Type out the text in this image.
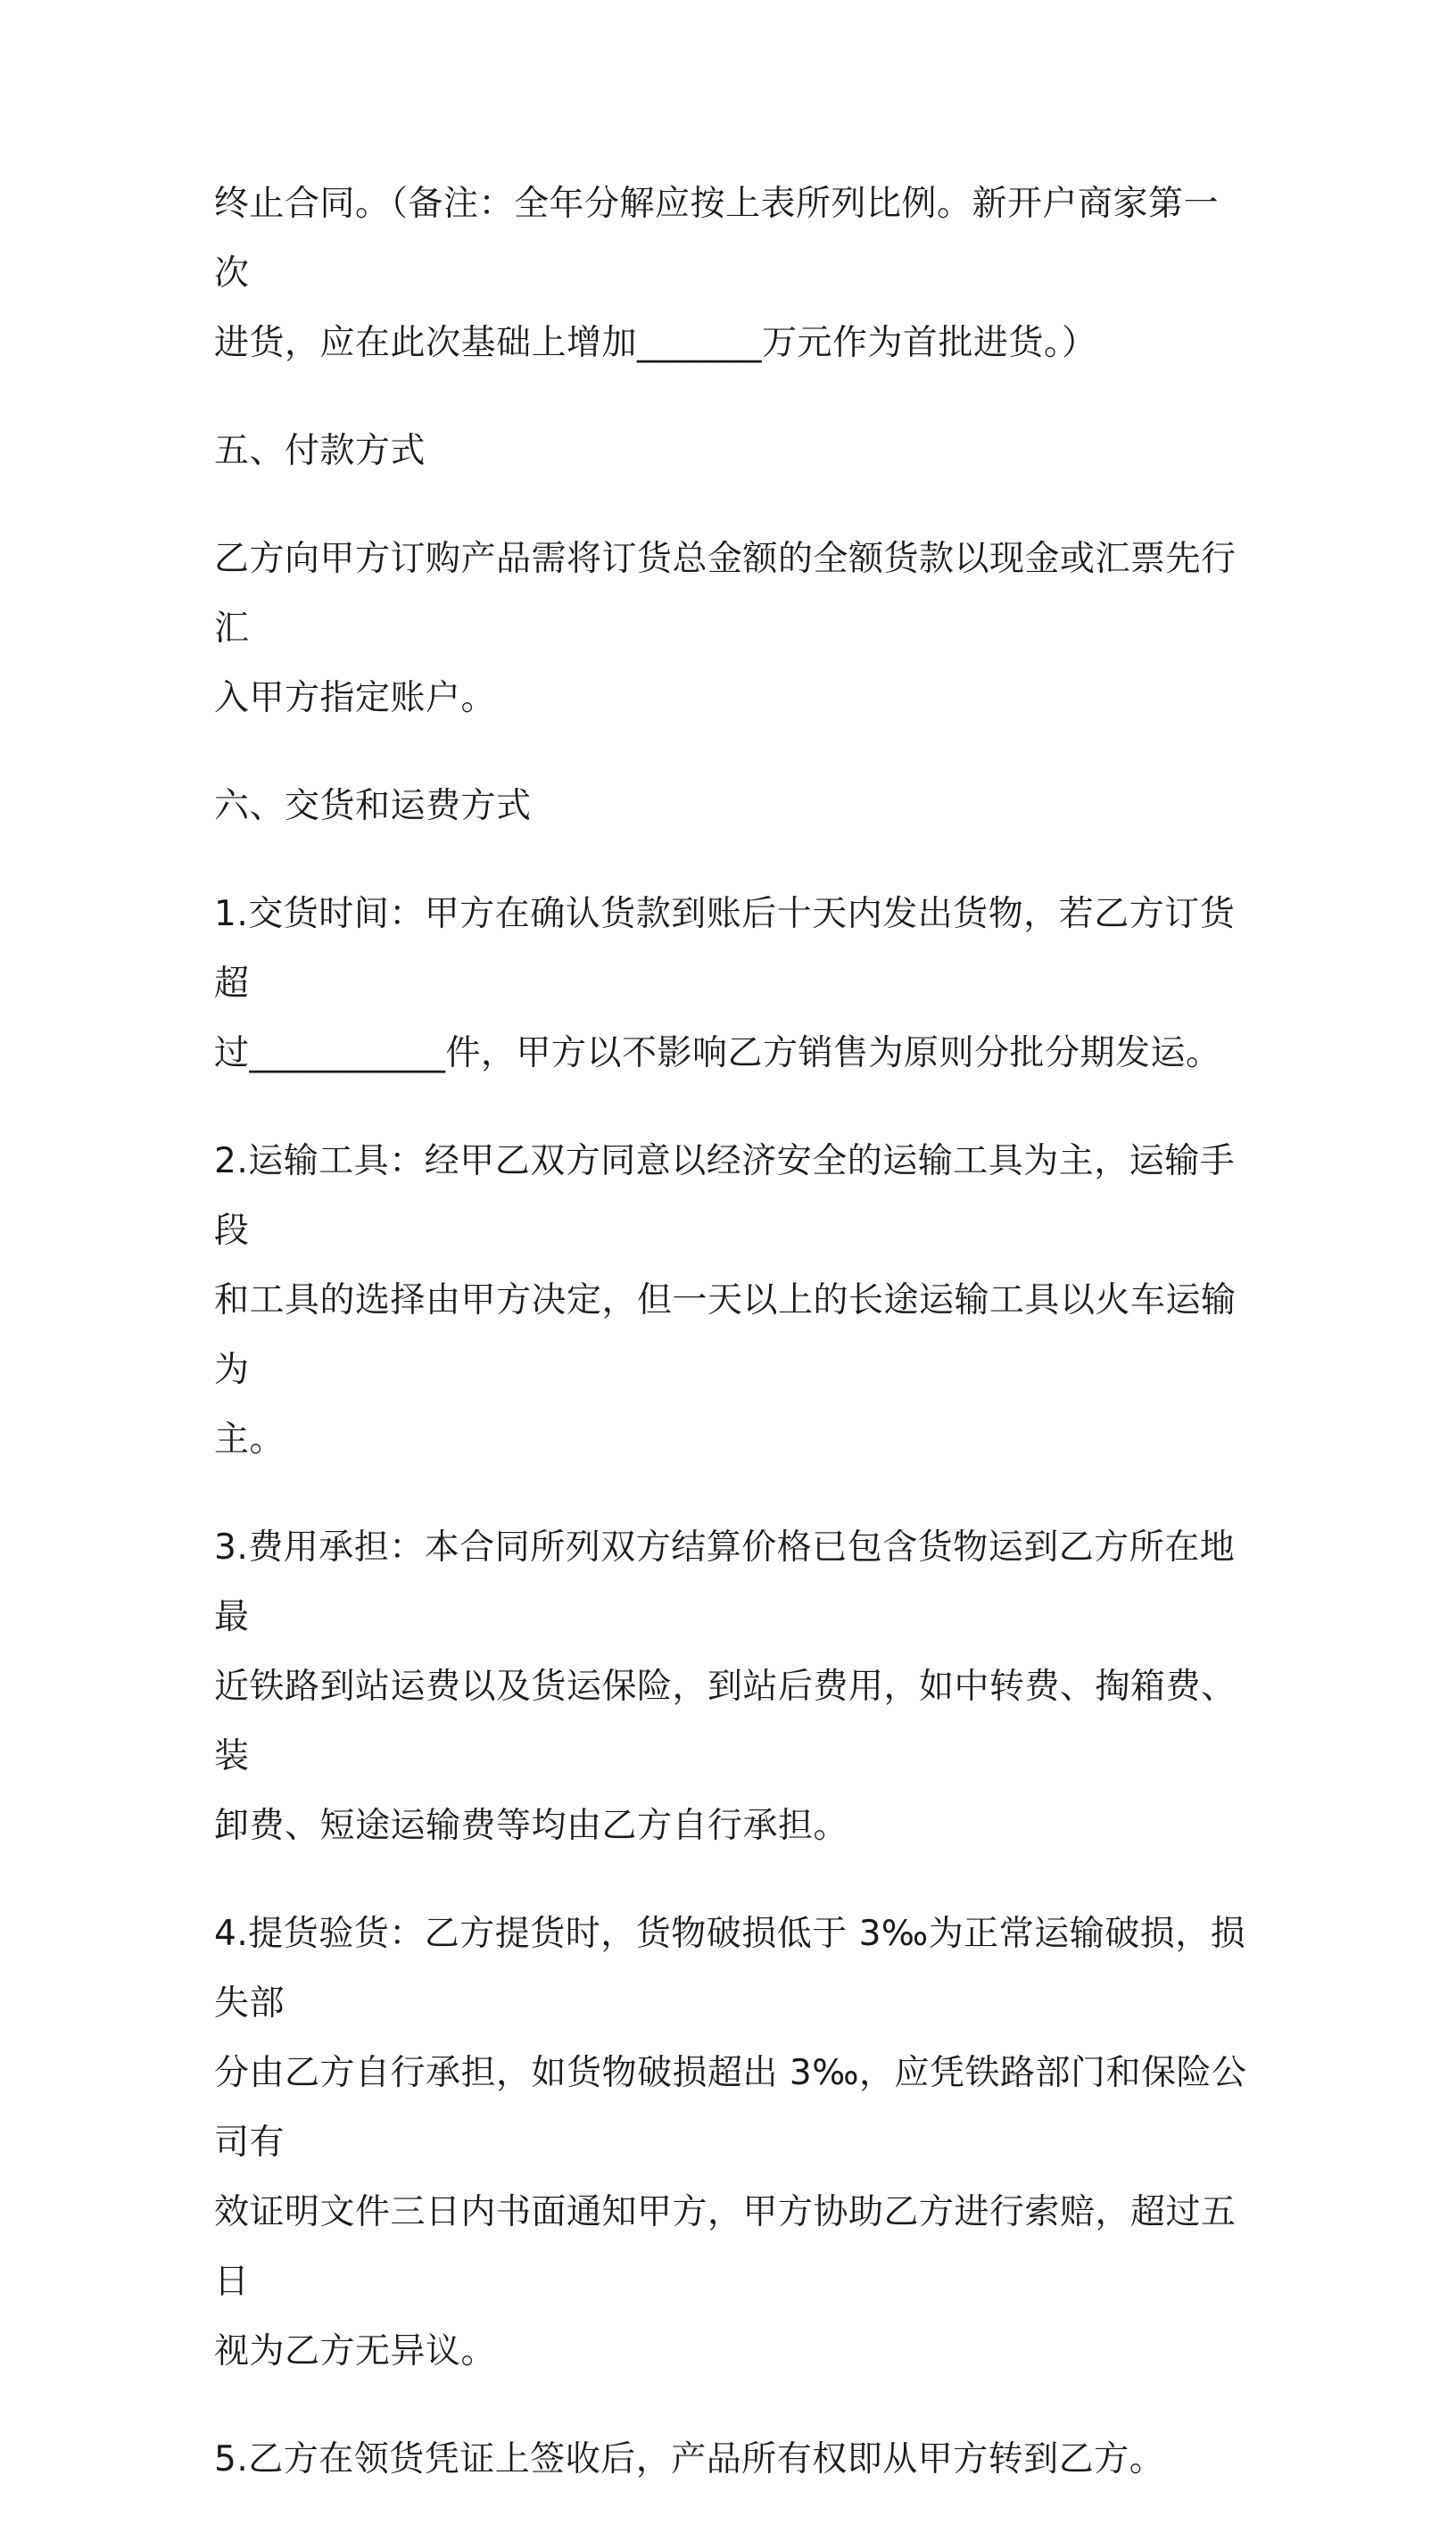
终止合同。（备注：全年分解应按上表所列比例。新开户商家第一次
进货，应在此次基础上增加_______万元作为首批进货。）

五、付款方式

乙方向甲方订购产品需将订货总金额的全额货款以现金或汇票先行汇
入甲方指定账户。

六、交货和运费方式

1.交货时间：甲方在确认货款到账后十天内发出货物，若乙方订货超
过___________件，甲方以不影响乙方销售为原则分批分期发运。

2.运输工具：经甲乙双方同意以经济安全的运输工具为主，运输手段
和工具的选择由甲方决定，但一天以上的长途运输工具以火车运输为
主。

3.费用承担：本合同所列双方结算价格已包含货物运到乙方所在地最
近铁路到站运费以及货运保险，到站后费用，如中转费、掏箱费、装
卸费、短途运输费等均由乙方自行承担。

4.提货验货：乙方提货时，货物破损低于 3‰为正常运输破损，损失部
分由乙方自行承担，如货物破损超出 3‰，应凭铁路部门和保险公司有
效证明文件三日内书面通知甲方，甲方协助乙方进行索赔，超过五日
视为乙方无异议。

5.乙方在领货凭证上签收后，产品所有权即从甲方转到乙方。
